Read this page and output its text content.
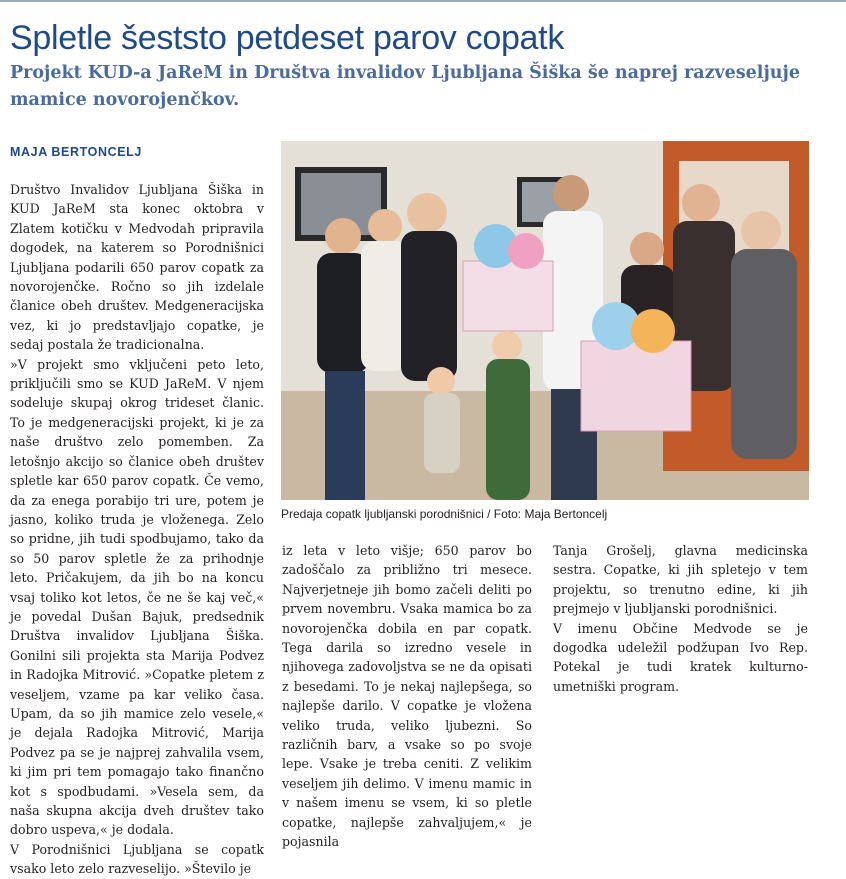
Spletle šeststo petdeset parov copatk
Projekt KUD-a JaReM in Društva invalidov Ljubljana Šiška še naprej razveseljuje mamice novorojenčkov.
MAJA BERTONCELJ

Društvo Invalidov Ljubljana Šiška in KUD JaReM sta konec oktobra v Zlatem kotičku v Medvodah pripravila dogodek, na katerem so Porodnišnici Ljubljana podarili 650 parov copatk za novorojenčke. Ročno so jih izdelale članice obeh društev. Medgeneracijska vez, ki jo predstavljajo copatke, je sedaj postala že tradicionalna.

»V projekt smo vključeni peto leto, priključili smo se KUD JaReM. V njem sodeluje skupaj okrog trideset članic. To je medgeneracijski projekt, ki je za naše društvo zelo pomemben. Za letošnjo akcijo so članice obeh društev spletle kar 650 parov copatk. Če vemo, da za enega porabijo tri ure, potem je jasno, koliko truda je vloženega. Zelo so pridne, jih tudi spodbujamo, tako da so 50 parov spletle že za prihodnje leto. Pričakujem, da jih bo na koncu vsaj toliko kot letos, če ne še kaj več,« je povedal Dušan Bajuk, predsednik Društva invalidov Ljubljana Šiška. Gonilni sili projekta sta Marija Podvez in Radojka Mitrović. »Copatke pletem z veseljem, vzame pa kar veliko časa. Upam, da so jih mamice zelo vesele,« je dejala Radojka Mitrović, Marija Podvez pa se je najprej zahvalila vsem, ki jim pri tem pomagajo tako finančno kot s spodbudami. »Vesela sem, da naša skupna akcija dveh društev tako dobro uspeva,« je dodala.

V Porodnišnici Ljubljana se copatk vsako leto zelo razveselijo. »Število je

Predaja copatk ljubljanski porodnišnici / Foto: Maja Bertoncelj

iz leta v leto višje; 650 parov bo zadoščalo za približno tri mesece. Najverjetneje jih bomo začeli deliti po prvem novembru. Vsaka mamica bo za novorojenčka dobila en par copatk. Tega darila so izredno vesele in njihovega zadovoljstva se ne da opisati z besedami. To je nekaj najlepšega, so najlepše darilo. V copatke je vložena veliko truda, veliko ljubezni. So različnih barv, a vsake so po svoje lepe. Vsake je treba ceniti. Z velikim veseljem jih delimo. V imenu mamic in v našem imenu se vsem, ki so pletle copatke, najlepše zahvaljujem,« je pojasnila

Tanja Grošelj, glavna medicinska sestra. Copatke, ki jih spletejo v tem projektu, so trenutno edine, ki jih prejmejo v ljubljanski porodnišnici.

V imenu Občine Medvode se je dogodka udeležil podžupan Ivo Rep. Potekal je tudi kratek kulturno-umetniški program.
